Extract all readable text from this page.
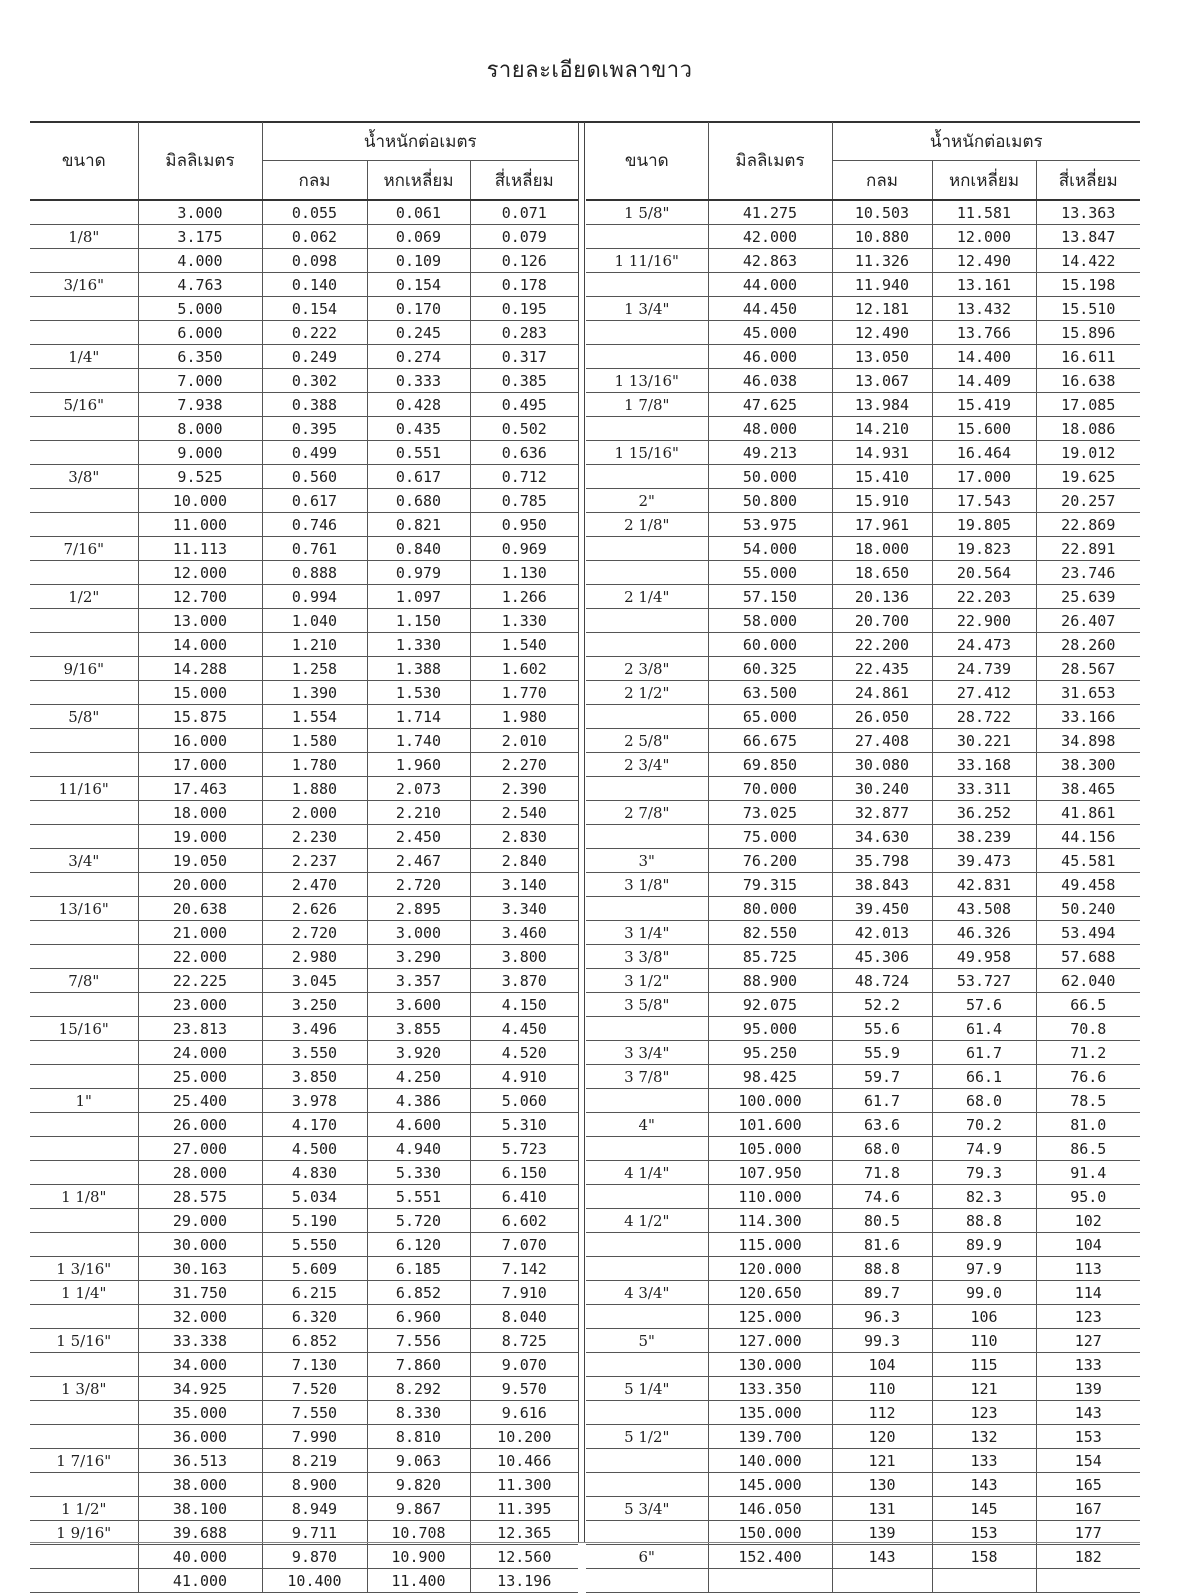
รายละเอียดเพลาขาว
ขนาด	มิลลิเมตร	น้ำหนักต่อเมตร		
		กลม	หกเหลี่ยม	สี่เหลี่ยม
	3.000	0.055	0.061	0.071
1/8"	3.175	0.062	0.069	0.079
	4.000	0.098	0.109	0.126
3/16"	4.763	0.140	0.154	0.178
	5.000	0.154	0.170	0.195
	6.000	0.222	0.245	0.283
1/4"	6.350	0.249	0.274	0.317
	7.000	0.302	0.333	0.385
5/16"	7.938	0.388	0.428	0.495
	8.000	0.395	0.435	0.502
	9.000	0.499	0.551	0.636
3/8"	9.525	0.560	0.617	0.712
	10.000	0.617	0.680	0.785
	11.000	0.746	0.821	0.950
7/16"	11.113	0.761	0.840	0.969
	12.000	0.888	0.979	1.130
1/2"	12.700	0.994	1.097	1.266
	13.000	1.040	1.150	1.330
	14.000	1.210	1.330	1.540
9/16"	14.288	1.258	1.388	1.602
	15.000	1.390	1.530	1.770
5/8"	15.875	1.554	1.714	1.980
	16.000	1.580	1.740	2.010
	17.000	1.780	1.960	2.270
11/16"	17.463	1.880	2.073	2.390
	18.000	2.000	2.210	2.540
	19.000	2.230	2.450	2.830
3/4"	19.050	2.237	2.467	2.840
	20.000	2.470	2.720	3.140
13/16"	20.638	2.626	2.895	3.340
	21.000	2.720	3.000	3.460
	22.000	2.980	3.290	3.800
7/8"	22.225	3.045	3.357	3.870
	23.000	3.250	3.600	4.150
15/16"	23.813	3.496	3.855	4.450
	24.000	3.550	3.920	4.520
	25.000	3.850	4.250	4.910
1"	25.400	3.978	4.386	5.060
	26.000	4.170	4.600	5.310
	27.000	4.500	4.940	5.723
	28.000	4.830	5.330	6.150
1 1/8"	28.575	5.034	5.551	6.410
	29.000	5.190	5.720	6.602
	30.000	5.550	6.120	7.070
1 3/16"	30.163	5.609	6.185	7.142
1 1/4"	31.750	6.215	6.852	7.910
	32.000	6.320	6.960	8.040
1 5/16"	33.338	6.852	7.556	8.725
	34.000	7.130	7.860	9.070
1 3/8"	34.925	7.520	8.292	9.570
	35.000	7.550	8.330	9.616
	36.000	7.990	8.810	10.200
1 7/16"	36.513	8.219	9.063	10.466
	38.000	8.900	9.820	11.300
1 1/2"	38.100	8.949	9.867	11.395
1 9/16"	39.688	9.711	10.708	12.365
	40.000	9.870	10.900	12.560
	41.000	10.400	11.400	13.196
ขนาด	มิลลิเมตร	น้ำหนักต่อเมตร		
		กลม	หกเหลี่ยม	สี่เหลี่ยม
1 5/8"	41.275	10.503	11.581	13.363
	42.000	10.880	12.000	13.847
1 11/16"	42.863	11.326	12.490	14.422
	44.000	11.940	13.161	15.198
1 3/4"	44.450	12.181	13.432	15.510
	45.000	12.490	13.766	15.896
	46.000	13.050	14.400	16.611
1 13/16"	46.038	13.067	14.409	16.638
1 7/8"	47.625	13.984	15.419	17.085
	48.000	14.210	15.600	18.086
1 15/16"	49.213	14.931	16.464	19.012
	50.000	15.410	17.000	19.625
2"	50.800	15.910	17.543	20.257
2 1/8"	53.975	17.961	19.805	22.869
	54.000	18.000	19.823	22.891
	55.000	18.650	20.564	23.746
2 1/4"	57.150	20.136	22.203	25.639
	58.000	20.700	22.900	26.407
	60.000	22.200	24.473	28.260
2 3/8"	60.325	22.435	24.739	28.567
2 1/2"	63.500	24.861	27.412	31.653
	65.000	26.050	28.722	33.166
2 5/8"	66.675	27.408	30.221	34.898
2 3/4"	69.850	30.080	33.168	38.300
	70.000	30.240	33.311	38.465
2 7/8"	73.025	32.877	36.252	41.861
	75.000	34.630	38.239	44.156
3"	76.200	35.798	39.473	45.581
3 1/8"	79.315	38.843	42.831	49.458
	80.000	39.450	43.508	50.240
3 1/4"	82.550	42.013	46.326	53.494
3 3/8"	85.725	45.306	49.958	57.688
3 1/2"	88.900	48.724	53.727	62.040
3 5/8"	92.075	52.2	57.6	66.5
	95.000	55.6	61.4	70.8
3 3/4"	95.250	55.9	61.7	71.2
3 7/8"	98.425	59.7	66.1	76.6
	100.000	61.7	68.0	78.5
4"	101.600	63.6	70.2	81.0
	105.000	68.0	74.9	86.5
4 1/4"	107.950	71.8	79.3	91.4
	110.000	74.6	82.3	95.0
4 1/2"	114.300	80.5	88.8	102
	115.000	81.6	89.9	104
	120.000	88.8	97.9	113
4 3/4"	120.650	89.7	99.0	114
	125.000	96.3	106	123
5"	127.000	99.3	110	127
	130.000	104	115	133
5 1/4"	133.350	110	121	139
	135.000	112	123	143
5 1/2"	139.700	120	132	153
	140.000	121	133	154
	145.000	130	143	165
5 3/4"	146.050	131	145	167
	150.000	139	153	177
6"	152.400	143	158	182
